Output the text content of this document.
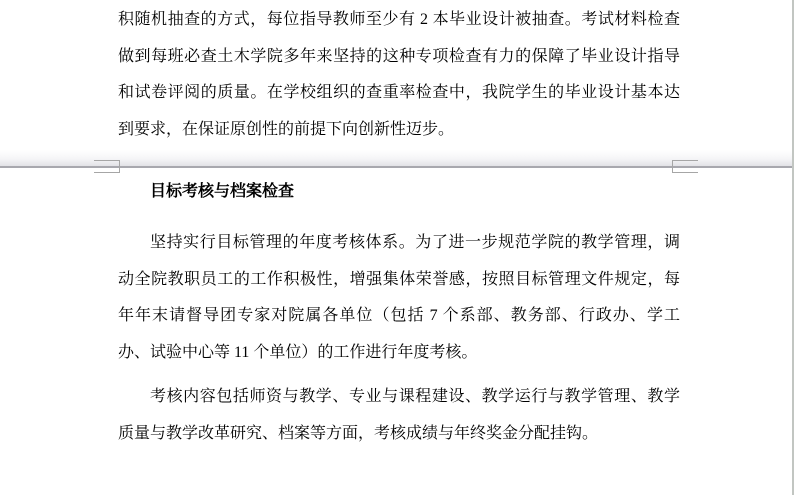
积随机抽查的方式，每位指导教师至少有 2 本毕业设计被抽查。考试材料检查
做到每班必查土木学院多年来坚持的这种专项检查有力的保障了毕业设计指导
和试卷评阅的质量。在学校组织的查重率检查中，我院学生的毕业设计基本达
到要求，在保证原创性的前提下向创新性迈步。
目标考核与档案检查
坚持实行目标管理的年度考核体系。为了进一步规范学院的教学管理，调
动全院教职员工的工作积极性，增强集体荣誉感，按照目标管理文件规定，每
年年末请督导团专家对院属各单位（包括 7 个系部、教务部、行政办、学工
办、试验中心等 11 个单位）的工作进行年度考核。
考核内容包括师资与教学、专业与课程建设、教学运行与教学管理、教学
质量与教学改革研究、档案等方面，考核成绩与年终奖金分配挂钩。
